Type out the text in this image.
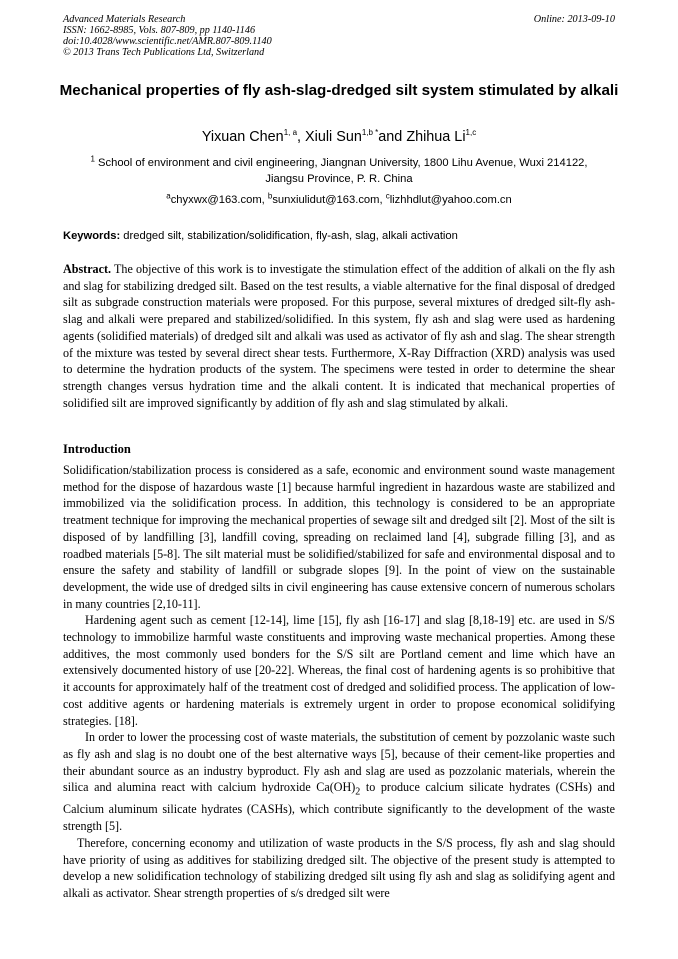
Advanced Materials Research
ISSN: 1662-8985, Vols. 807-809, pp 1140-1146
doi:10.4028/www.scientific.net/AMR.807-809.1140
© 2013 Trans Tech Publications Ltd, Switzerland
Online: 2013-09-10
Mechanical properties of fly ash-slag-dredged silt system stimulated by alkali
Yixuan Chen$^{1, a}$, Xiuli Sun$^{1,b *}$and Zhihua Li$^{1,c}$
$^1$ School of environment and civil engineering, Jiangnan University, 1800 Lihu Avenue, Wuxi 214122, Jiangsu Province, P. R. China
$^a$chyxwx@163.com, $^b$sunxiulidut@163.com, $^c$lizhhdlut@yahoo.com.cn
Keywords: dredged silt, stabilization/solidification, fly-ash, slag, alkali activation
Abstract. The objective of this work is to investigate the stimulation effect of the addition of alkali on the fly ash and slag for stabilizing dredged silt. Based on the test results, a viable alternative for the final disposal of dredged silt as subgrade construction materials were proposed. For this purpose, several mixtures of dredged silt-fly ash-slag and alkali were prepared and stabilized/solidified. In this system, fly ash and slag were used as hardening agents (solidified materials) of dredged silt and alkali was used as activator of fly ash and slag. The shear strength of the mixture was tested by several direct shear tests. Furthermore, X-Ray Diffraction (XRD) analysis was used to determine the hydration products of the system. The specimens were tested in order to determine the shear strength changes versus hydration time and the alkali content. It is indicated that mechanical properties of solidified silt are improved significantly by addition of fly ash and slag stimulated by alkali.
Introduction

Solidification/stabilization process is considered as a safe, economic and environment sound waste management method for the dispose of hazardous waste [1] because harmful ingredient in hazardous waste are stabilized and immobilized via the solidification process. In addition, this technology is considered to be an appropriate treatment technique for improving the mechanical properties of sewage silt and dredged silt [2]. Most of the silt is disposed of by landfilling [3], landfill coving, spreading on reclaimed land [4], subgrade filling [3], and as roadbed materials [5-8]. The silt material must be solidified/stabilized for safe and environmental disposal and to ensure the safety and stability of landfill or subgrade slopes [9]. In the point of view on the sustainable development, the wide use of dredged silts in civil engineering has cause extensive concern of numerous scholars in many countries [2,10-11].

Hardening agent such as cement [12-14], lime [15], fly ash [16-17] and slag [8,18-19] etc. are used in S/S technology to immobilize harmful waste constituents and improving waste mechanical properties. Among these additives, the most commonly used bonders for the S/S silt are Portland cement and lime which have an extensively documented history of use [20-22]. Whereas, the final cost of hardening agents is so prohibitive that it accounts for approximately half of the treatment cost of dredged and solidified process. The application of low-cost additive agents or hardening materials is extremely urgent in order to propose economical solidifying strategies. [18].

In order to lower the processing cost of waste materials, the substitution of cement by pozzolanic waste such as fly ash and slag is no doubt one of the best alternative ways [5], because of their cement-like properties and their abundant source as an industry byproduct. Fly ash and slag are used as pozzolanic materials, wherein the silica and alumina react with calcium hydroxide $Ca(OH)_2$ to produce calcium silicate hydrates (CSHs) and Calcium aluminum silicate hydrates (CASHs), which contribute significantly to the development of the waste strength [5].

Therefore, concerning economy and utilization of waste products in the S/S process, fly ash and slag should have priority of using as additives for stabilizing dredged silt. The objective of the present study is attempted to develop a new solidification technology of stabilizing dredged silt using fly ash and slag as solidifying agent and alkali as activator. Shear strength properties of s/s dredged silt were
